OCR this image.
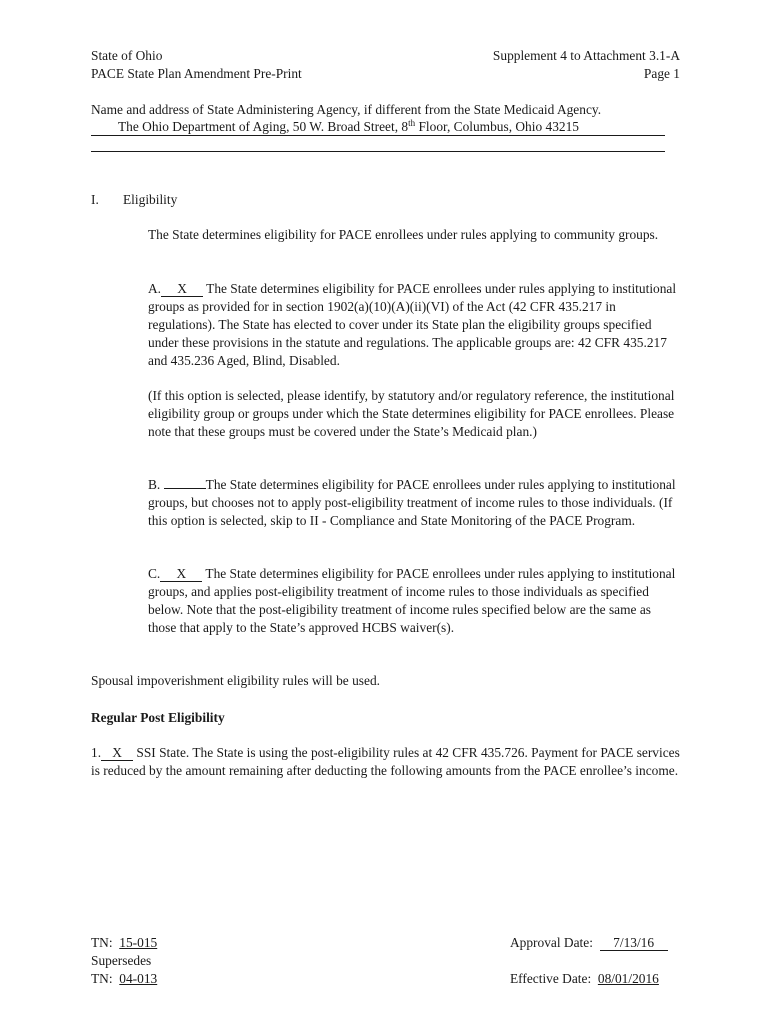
State of Ohio
PACE State Plan Amendment Pre-Print
Supplement 4 to Attachment 3.1-A
Page 1

Name and address of State Administering Agency, if different from the State Medicaid Agency.

The Ohio Department of Aging, 50 W. Broad Street, 8th Floor, Columbus, Ohio 43215

I. Eligibility

The State determines eligibility for PACE enrollees under rules applying to community groups.

A. X The State determines eligibility for PACE enrollees under rules applying to institutional groups as provided for in section 1902(a)(10)(A)(ii)(VI) of the Act (42 CFR 435.217 in regulations). The State has elected to cover under its State plan the eligibility groups specified under these provisions in the statute and regulations. The applicable groups are: 42 CFR 435.217 and 435.236 Aged, Blind, Disabled.

(If this option is selected, please identify, by statutory and/or regulatory reference, the institutional eligibility group or groups under which the State determines eligibility for PACE enrollees. Please note that these groups must be covered under the State’s Medicaid plan.)

B.	The State determines eligibility for PACE enrollees under rules applying to institutional groups, but chooses not to apply post-eligibility treatment of income rules to those individuals. (If this option is selected, skip to II - Compliance and State Monitoring of the PACE Program.

C. X The State determines eligibility for PACE enrollees under rules applying to institutional groups, and applies post-eligibility treatment of income rules to those individuals as specified below. Note that the post-eligibility treatment of income rules specified below are the same as those that apply to the State’s approved HCBS waiver(s).

Spousal impoverishment eligibility rules will be used.

Regular Post Eligibility

1. X SSI State. The State is using the post-eligibility rules at 42 CFR 435.726. Payment for PACE services is reduced by the amount remaining after deducting the following amounts from the PACE enrollee’s income.

TN: 15-015
Supersedes
TN: 04-013
Approval Date: 7/13/16
Effective Date: 08/01/2016
